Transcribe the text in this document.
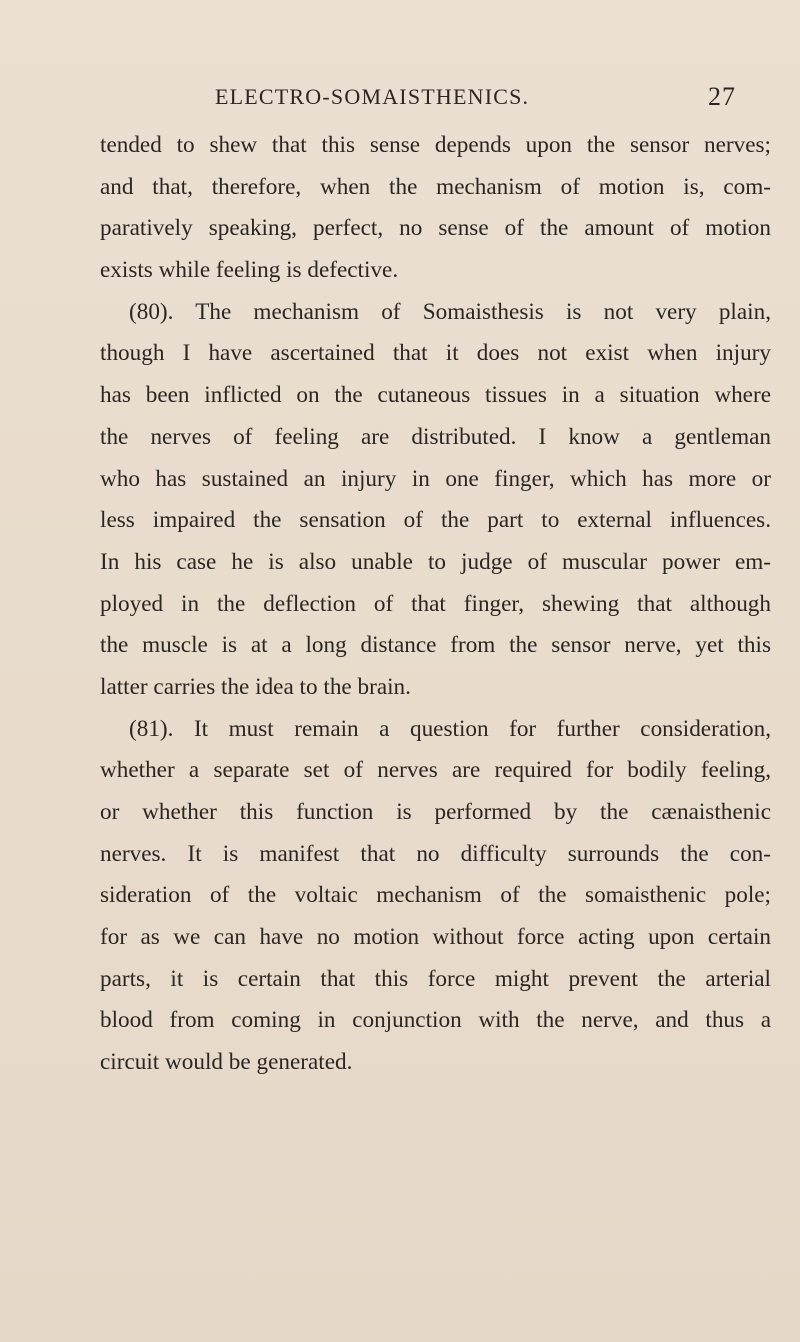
ELECTRO-SOMAISTHENICS.	27
tended to shew that this sense depends upon the sensor nerves;
and that, therefore, when the mechanism of motion is, com-
paratively speaking, perfect, no sense of the amount of motion
exists while feeling is defective.
(80). The mechanism of Somaisthesis is not very plain,
though I have ascertained that it does not exist when injury
has been inflicted on the cutaneous tissues in a situation where
the nerves of feeling are distributed. I know a gentleman
who has sustained an injury in one finger, which has more or
less impaired the sensation of the part to external influences.
In his case he is also unable to judge of muscular power em-
ployed in the deflection of that finger, shewing that although
the muscle is at a long distance from the sensor nerve, yet this
latter carries the idea to the brain.
(81). It must remain a question for further consideration,
whether a separate set of nerves are required for bodily feeling,
or whether this function is performed by the cænaisthenic
nerves. It is manifest that no difficulty surrounds the con-
sideration of the voltaic mechanism of the somaisthenic pole;
for as we can have no motion without force acting upon certain
parts, it is certain that this force might prevent the arterial
blood from coming in conjunction with the nerve, and thus a
circuit would be generated.
